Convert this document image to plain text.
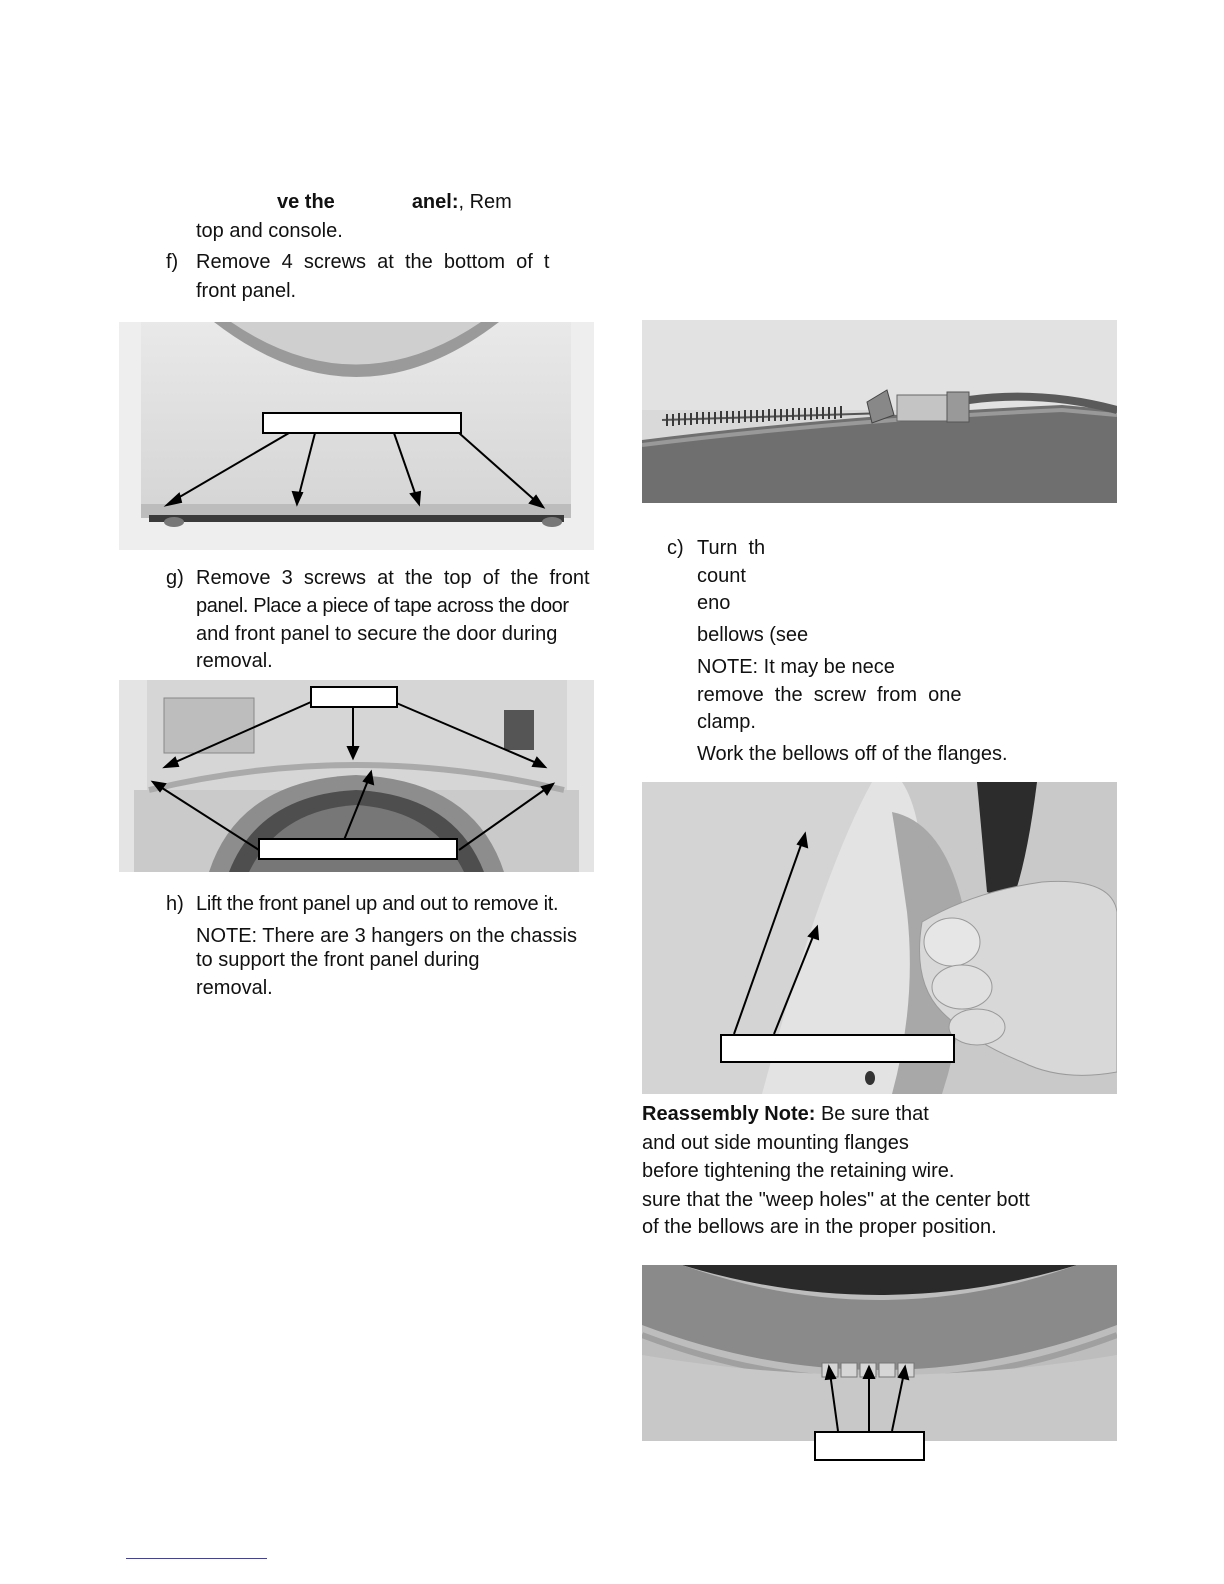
ve the	anel:, Rem
top and console.
f) Remove  4  screws  at  the  bottom  of  t
front panel.
g) Remove  3  screws  at  the  top  of  the  front
panel. Place a piece of tape across the door
and front panel to secure the door during
removal.
h) Lift the front panel up and out to remove it.
NOTE: There are 3 hangers on the chassis
to support the front panel during
removal.
c) Turn  th
count
eno
bellows (see
NOTE: It may be nece
remove  the  screw  from  one
clamp.
Work the bellows off of the flanges.
Reassembly Note: Be sure that
and out side mounting flanges
before tightening the retaining wire.
sure that the "weep holes" at the center bott
of the bellows are in the proper position.
